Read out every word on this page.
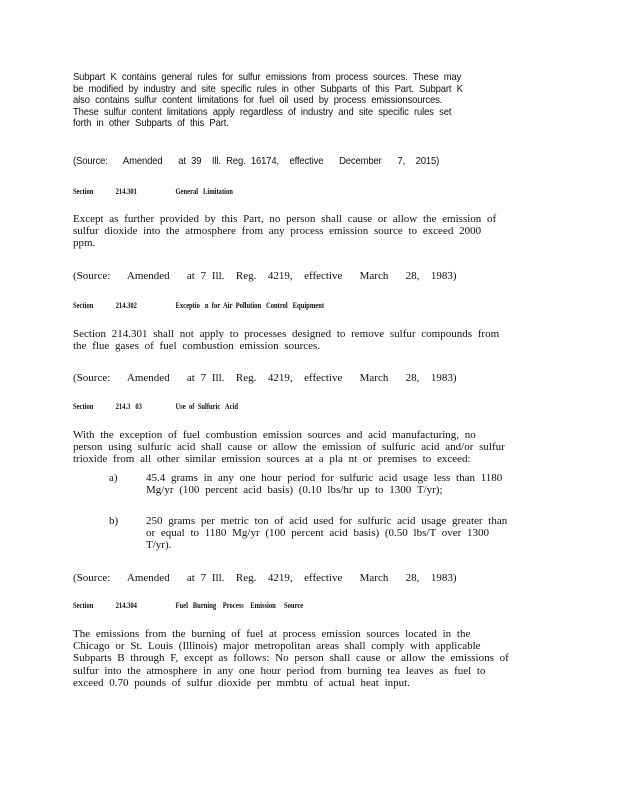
Subpart K contains general rules for sulfur emissions from process sources. These may
be modified by industry and site specific rules in other Subparts of this Part. Subpart K
also contains sulfur content limitations for fuel oil used by process emissionsources.
These sulfur content limitations apply regardless of industry and site specific rules set
forth in other Subparts of this Part.
(Source:   Amended   at 39  Ill. Reg. 16174,  effective   December   7,  2015)
Section	214.301	General   Limitation
Except as further provided by this Part, no person shall cause or allow the emission of
sulfur dioxide into the atmosphere from any process emission source to exceed 2000
ppm.
(Source:   Amended   at 7 Ill.  Reg.  4219,  effective   March   28,  1983)
Section	214.302	Exceptio   n  for  Air  Pollution   Control   Equipment
Section 214.301 shall not apply to processes designed to remove sulfur compounds from
the flue gases of fuel combustion emission sources.
(Source:   Amended   at 7 Ill.  Reg.  4219,  effective   March   28,  1983)
Section	214.3   03	Use  of  Sulfuric   Acid
With the exception of fuel combustion emission sources and acid manufacturing, no
person using sulfuric acid shall cause or allow the emission of sulfuric acid and/or sulfur
trioxide from all other similar emission sources at a pla nt or premises to exceed:
a)	45.4 grams in any one hour period for sulfuric acid usage less than 1180
Mg/yr (100 percent acid basis) (0.10 lbs/hr up to 1300 T/yr);
b)	250 grams per metric ton of acid used for sulfuric acid usage greater than
or equal to 1180 Mg/yr (100 percent acid basis) (0.50 lbs/T over 1300
T/yr).
(Source:   Amended   at 7 Ill.  Reg.  4219,  effective   March   28,  1983)
Section	214.304	Fuel   Burning    Process    Emission     Source
The emissions from the burning of fuel at process emission sources located in the
Chicago or St. Louis (Illinois) major metropolitan areas shall comply with applicable
Subparts B through F, except as follows: No person shall cause or allow the emissions of
sulfur into the atmosphere in any one hour period from burning tea leaves as fuel to
exceed 0.70 pounds of sulfur dioxide per mmbtu of actual heat input.
